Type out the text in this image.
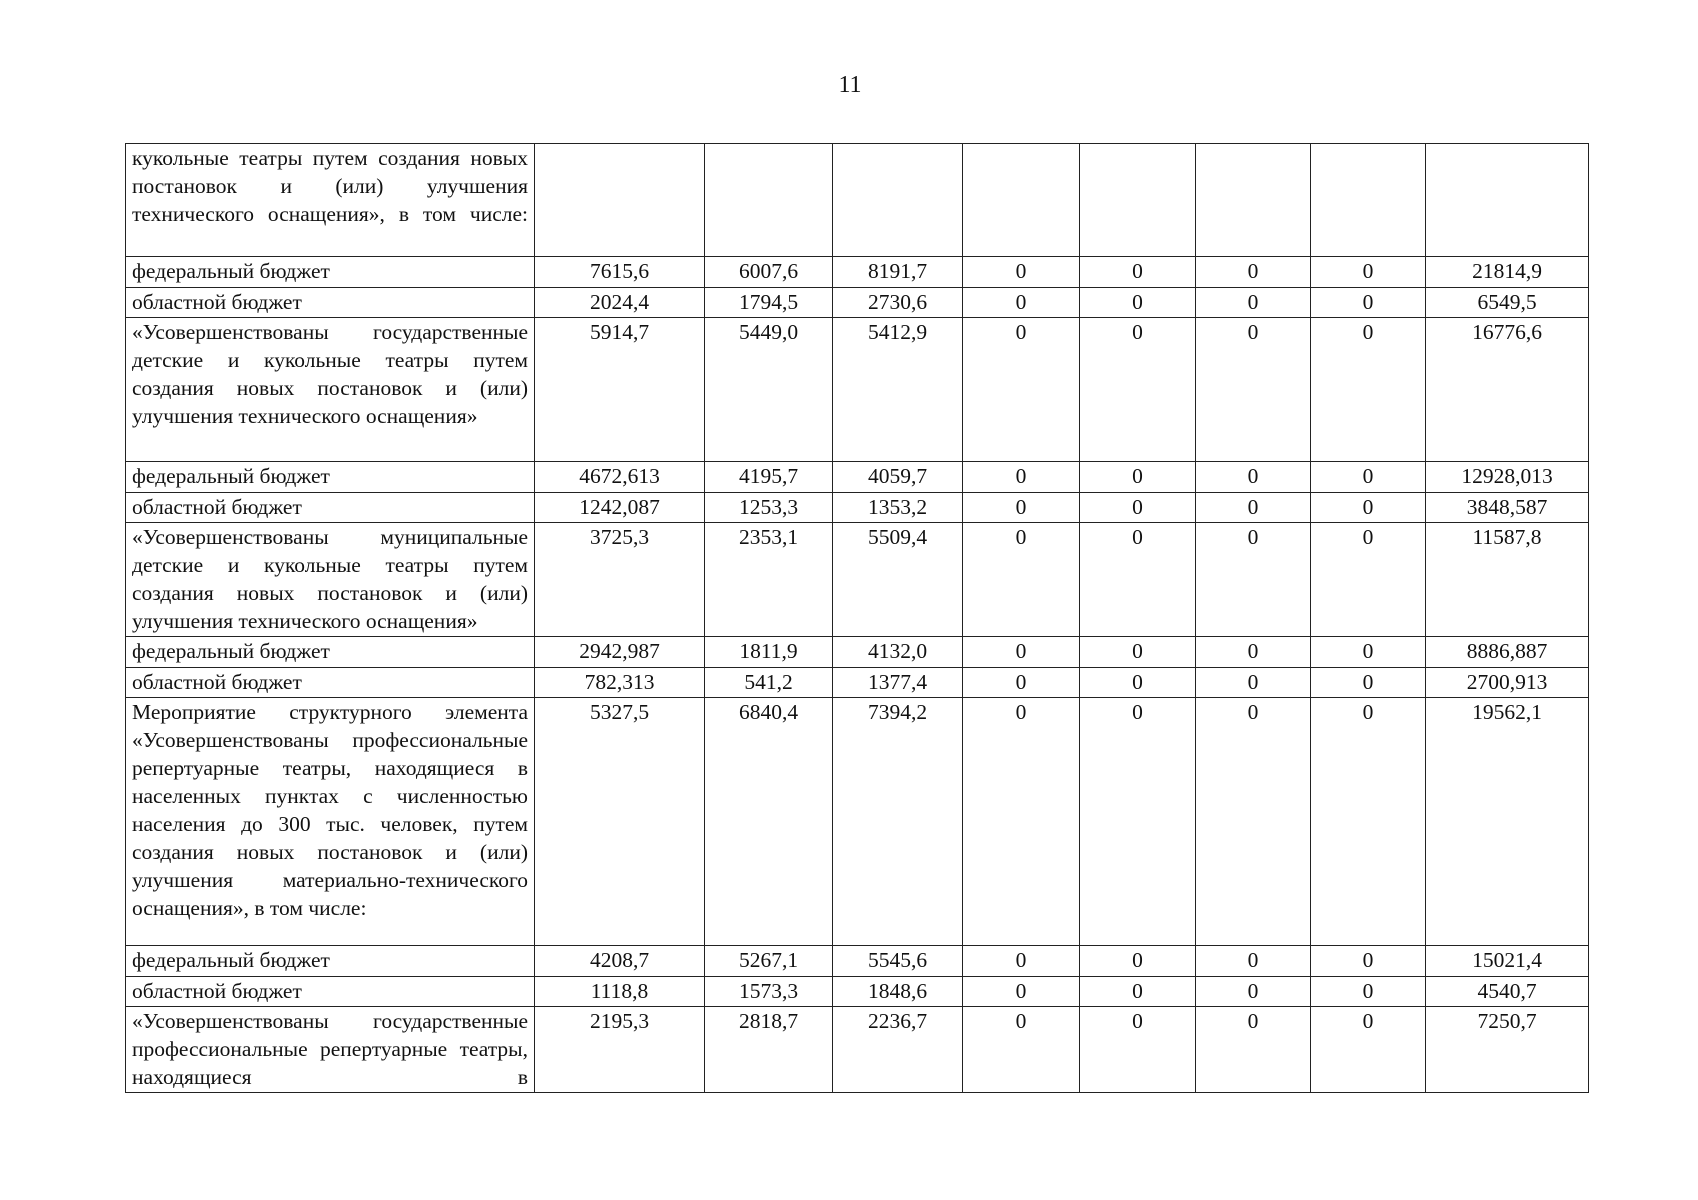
11
кукольные театры путем создания новых постановок и (или) улучшения технического оснащения», в том числе:								
федеральный бюджет	7615,6	6007,6	8191,7	0	0	0	0	21814,9
областной бюджет	2024,4	1794,5	2730,6	0	0	0	0	6549,5
«Усовершенствованы государственные детские и кукольные театры путем создания новых постановок и (или) улучшения технического оснащения»	5914,7	5449,0	5412,9	0	0	0	0	16776,6
федеральный бюджет	4672,613	4195,7	4059,7	0	0	0	0	12928,013
областной бюджет	1242,087	1253,3	1353,2	0	0	0	0	3848,587
«Усовершенствованы муниципальные детские и кукольные театры путем создания новых постановок и (или) улучшения технического оснащения»	3725,3	2353,1	5509,4	0	0	0	0	11587,8
федеральный бюджет	2942,987	1811,9	4132,0	0	0	0	0	8886,887
областной бюджет	782,313	541,2	1377,4	0	0	0	0	2700,913
Мероприятие структурного элемента «Усовершенствованы профессиональные репертуарные театры, находящиеся в населенных пунктах с численностью населения до 300 тыс. человек, путем создания новых постановок и (или) улучшения материально-технического оснащения», в том числе:	5327,5	6840,4	7394,2	0	0	0	0	19562,1
федеральный бюджет	4208,7	5267,1	5545,6	0	0	0	0	15021,4
областной бюджет	1118,8	1573,3	1848,6	0	0	0	0	4540,7
«Усовершенствованы государственные профессиональные репертуарные театры, находящиеся в	2195,3	2818,7	2236,7	0	0	0	0	7250,7
